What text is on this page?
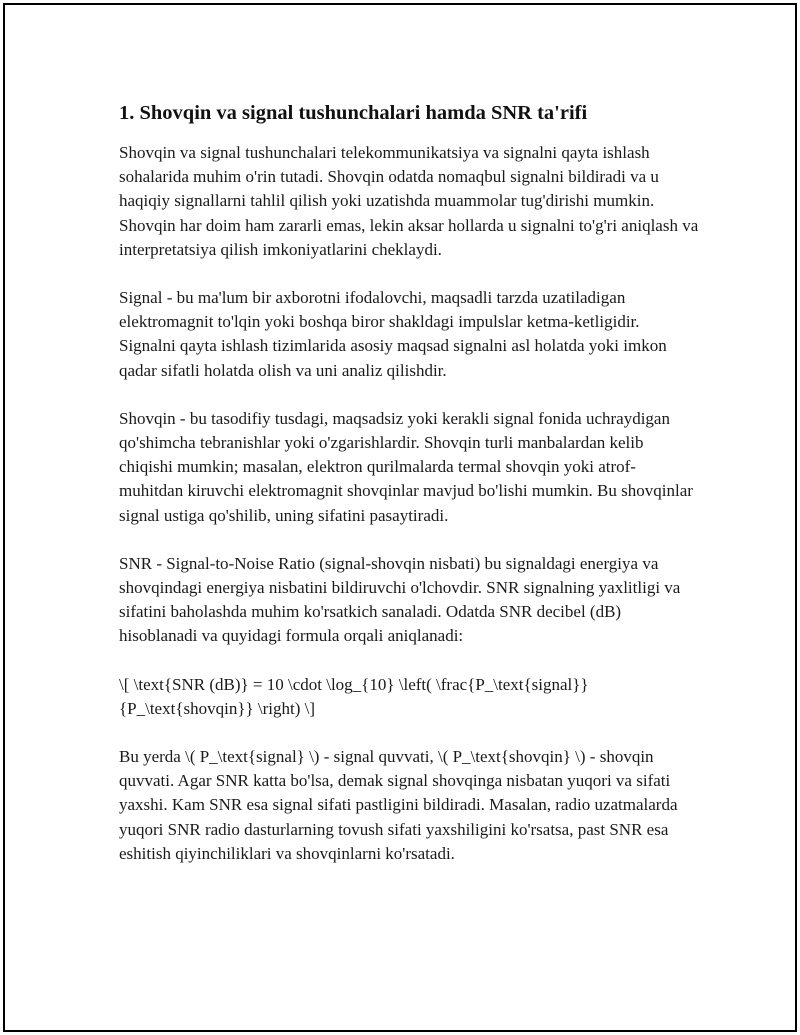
1. Shovqin va signal tushunchalari hamda SNR ta'rifi

Shovqin va signal tushunchalari telekommunikatsiya va signalni qayta ishlash sohalarida muhim o'rin tutadi. Shovqin odatda nomaqbul signalni bildiradi va u haqiqiy signallarni tahlil qilish yoki uzatishda muammolar tug'dirishi mumkin. Shovqin har doim ham zararli emas, lekin aksar hollarda u signalni to'g'ri aniqlash va interpretatsiya qilish imkoniyatlarini cheklaydi.

Signal - bu ma'lum bir axborotni ifodalovchi, maqsadli tarzda uzatiladigan elektromagnit to'lqin yoki boshqa biror shakldagi impulslar ketma-ketligidir. Signalni qayta ishlash tizimlarida asosiy maqsad signalni asl holatda yoki imkon qadar sifatli holatda olish va uni analiz qilishdir.

Shovqin - bu tasodifiy tusdagi, maqsadsiz yoki kerakli signal fonida uchraydigan qo'shimcha tebranishlar yoki o'zgarishlardir. Shovqin turli manbalardan kelib chiqishi mumkin; masalan, elektron qurilmalarda termal shovqin yoki atrof-muhitdan kiruvchi elektromagnit shovqinlar mavjud bo'lishi mumkin. Bu shovqinlar signal ustiga qo'shilib, uning sifatini pasaytiradi.

SNR - Signal-to-Noise Ratio (signal-shovqin nisbati) bu signaldagi energiya va shovqindagi energiya nisbatini bildiruvchi o'lchovdir. SNR signalning yaxlitligi va sifatini baholashda muhim ko'rsatkich sanaladi. Odatda SNR decibel (dB) hisoblanadi va quyidagi formula orqali aniqlanadi:

\[ \text{SNR (dB)} = 10 \cdot \log_{10} \left( \frac{P_\text{signal}}{P_\text{shovqin}} \right) \]

Bu yerda \( P_\text{signal} \) - signal quvvati, \( P_\text{shovqin} \) - shovqin quvvati. Agar SNR katta bo'lsa, demak signal shovqinga nisbatan yuqori va sifati yaxshi. Kam SNR esa signal sifati pastligini bildiradi. Masalan, radio uzatmalarda yuqori SNR radio dasturlarning tovush sifati yaxshiligini ko'rsatsa, past SNR esa eshitish qiyinchiliklari va shovqinlarni ko'rsatadi.
